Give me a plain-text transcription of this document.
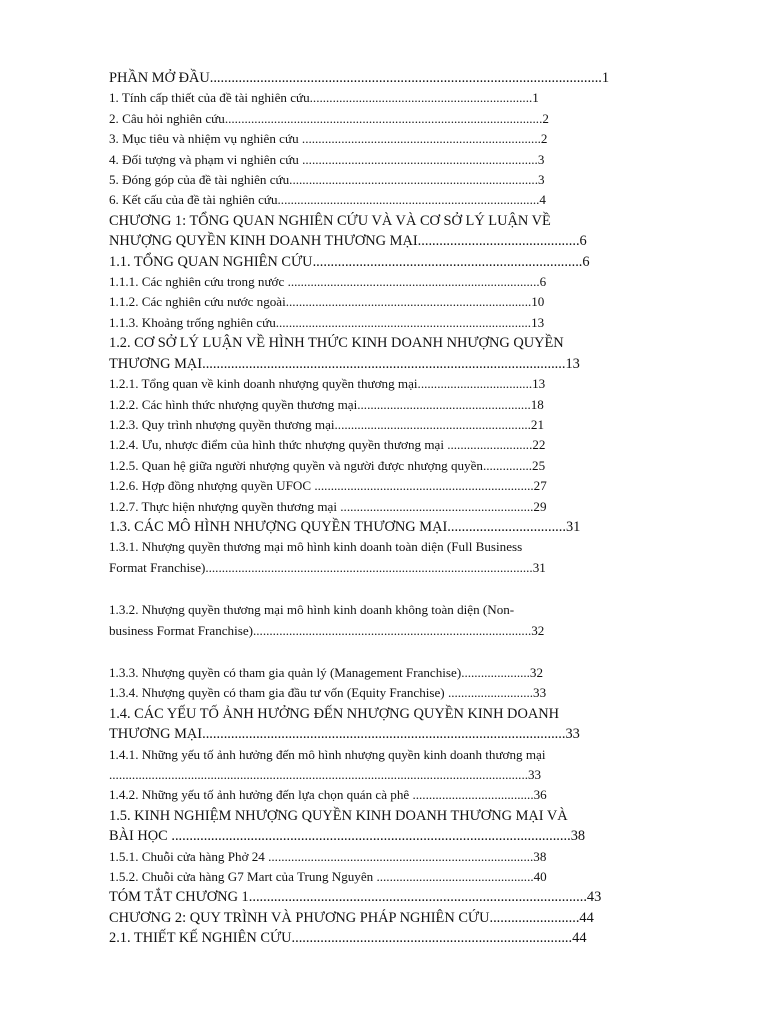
PHẦN MỞ ĐẦU.............................................................................................................1
1. Tính cấp thiết của đề tài nghiên cứu....................................................................1
2. Câu hỏi nghiên cứu.................................................................................................2
3. Mục tiêu và nhiệm vụ nghiên cứu .........................................................................2
4. Đối tượng và phạm vi nghiên cứu ........................................................................3
5. Đóng góp của đề tài nghiên cứu............................................................................3
6. Kết cấu của đề tài nghiên cứu................................................................................4
CHƯƠNG 1: TỔNG QUAN NGHIÊN CỨU VÀ VÀ CƠ SỞ LÝ LUẬN VỀ
NHƯỢNG QUYỀN KINH DOANH THƯƠNG MẠI.............................................6
1.1. TỔNG QUAN NGHIÊN CỨU...........................................................................6
1.1.1. Các nghiên cứu trong nước .............................................................................6
1.1.2. Các nghiên cứu nước ngoài...........................................................................10
1.1.3. Khoảng trống nghiên cứu..............................................................................13
1.2. CƠ SỞ LÝ LUẬN VỀ HÌNH THỨC KINH DOANH NHƯỢNG QUYỀN
THƯƠNG MẠI.....................................................................................................13
1.2.1. Tổng quan về kinh doanh nhượng quyền thương mại...................................13
1.2.2. Các hình thức nhượng quyền thương mại.....................................................18
1.2.3. Quy trình nhượng quyền thương mại............................................................21
1.2.4. Ưu, nhược điểm của hình thức nhượng quyền thương mại ..........................22
1.2.5. Quan hệ giữa người nhượng quyền và người được nhượng quyền...............25
1.2.6. Hợp đồng nhượng quyền UFOC ...................................................................27
1.2.7. Thực hiện nhượng quyền thương mại ...........................................................29
1.3. CÁC MÔ HÌNH NHƯỢNG QUYỀN THƯƠNG MẠI.................................31
1.3.1. Nhượng quyền thương mại mô hình kinh doanh toàn diện (Full Business
Format Franchise)....................................................................................................31
1.3.2. Nhượng quyền thương mại mô hình kinh doanh không toàn diện (Non-
business Format Franchise).....................................................................................32
1.3.3. Nhượng quyền có tham gia quản lý (Management Franchise).....................32
1.3.4. Nhượng quyền có tham gia đầu tư vốn (Equity Franchise) ..........................33
1.4. CÁC YẾU TỐ ẢNH HƯỞNG ĐẾN NHƯỢNG QUYỀN KINH DOANH
THƯƠNG MẠI.....................................................................................................33
1.4.1. Những yếu tố ảnh hưởng đến mô hình nhượng quyền kinh doanh thương mại
................................................................................................................................33
1.4.2. Những yếu tố ảnh hưởng đến lựa chọn quán cà phê .....................................36
1.5. KINH NGHIỆM NHƯỢNG QUYỀN KINH DOANH THƯƠNG MẠI VÀ
BÀI HỌC ...............................................................................................................38
1.5.1. Chuỗi cửa hàng Phở 24 .................................................................................38
1.5.2. Chuỗi cửa hàng G7 Mart của Trung Nguyên ................................................40
TÓM TẮT CHƯƠNG 1..............................................................................................43
CHƯƠNG 2: QUY TRÌNH VÀ PHƯƠNG PHÁP NGHIÊN CỨU.........................44
2.1. THIẾT KẾ NGHIÊN CỨU..............................................................................44
